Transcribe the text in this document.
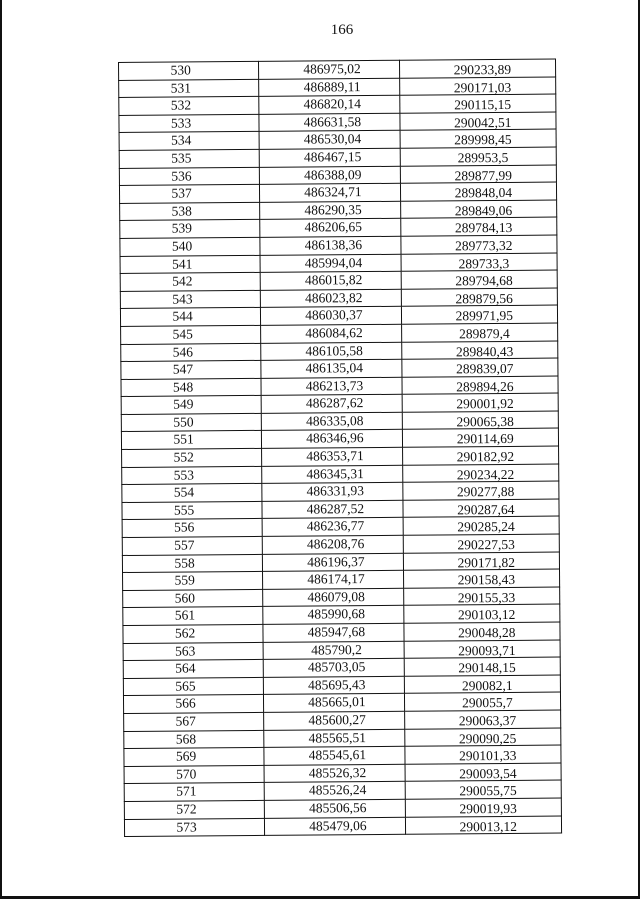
166
530	486975,02	290233,89
531	486889,11	290171,03
532	486820,14	290115,15
533	486631,58	290042,51
534	486530,04	289998,45
535	486467,15	289953,5
536	486388,09	289877,99
537	486324,71	289848,04
538	486290,35	289849,06
539	486206,65	289784,13
540	486138,36	289773,32
541	485994,04	289733,3
542	486015,82	289794,68
543	486023,82	289879,56
544	486030,37	289971,95
545	486084,62	289879,4
546	486105,58	289840,43
547	486135,04	289839,07
548	486213,73	289894,26
549	486287,62	290001,92
550	486335,08	290065,38
551	486346,96	290114,69
552	486353,71	290182,92
553	486345,31	290234,22
554	486331,93	290277,88
555	486287,52	290287,64
556	486236,77	290285,24
557	486208,76	290227,53
558	486196,37	290171,82
559	486174,17	290158,43
560	486079,08	290155,33
561	485990,68	290103,12
562	485947,68	290048,28
563	485790,2	290093,71
564	485703,05	290148,15
565	485695,43	290082,1
566	485665,01	290055,7
567	485600,27	290063,37
568	485565,51	290090,25
569	485545,61	290101,33
570	485526,32	290093,54
571	485526,24	290055,75
572	485506,56	290019,93
573	485479,06	290013,12
